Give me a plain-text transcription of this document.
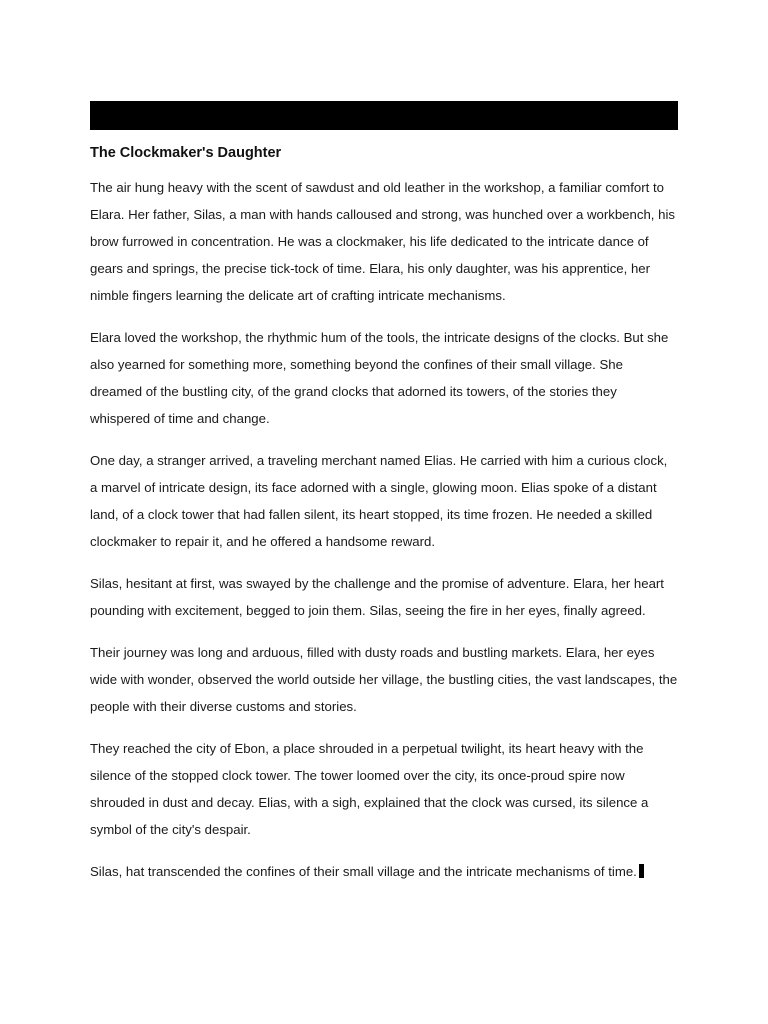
The Clockmaker's Daughter

The air hung heavy with the scent of sawdust and old leather in the workshop, a familiar comfort to Elara. Her father, Silas, a man with hands calloused and strong, was hunched over a workbench, his brow furrowed in concentration. He was a clockmaker, his life dedicated to the intricate dance of gears and springs, the precise tick-tock of time. Elara, his only daughter, was his apprentice, her nimble fingers learning the delicate art of crafting intricate mechanisms.

Elara loved the workshop, the rhythmic hum of the tools, the intricate designs of the clocks. But she also yearned for something more, something beyond the confines of their small village. She dreamed of the bustling city, of the grand clocks that adorned its towers, of the stories they whispered of time and change.

One day, a stranger arrived, a traveling merchant named Elias. He carried with him a curious clock, a marvel of intricate design, its face adorned with a single, glowing moon. Elias spoke of a distant land, of a clock tower that had fallen silent, its heart stopped, its time frozen. He needed a skilled clockmaker to repair it, and he offered a handsome reward.

Silas, hesitant at first, was swayed by the challenge and the promise of adventure. Elara, her heart pounding with excitement, begged to join them. Silas, seeing the fire in her eyes, finally agreed.

Their journey was long and arduous, filled with dusty roads and bustling markets. Elara, her eyes wide with wonder, observed the world outside her village, the bustling cities, the vast landscapes, the people with their diverse customs and stories.

They reached the city of Ebon, a place shrouded in a perpetual twilight, its heart heavy with the silence of the stopped clock tower. The tower loomed over the city, its once-proud spire now shrouded in dust and decay. Elias, with a sigh, explained that the clock was cursed, its silence a symbol of the city's despair.

Silas, hat transcended the confines of their small village and the intricate mechanisms of time.
